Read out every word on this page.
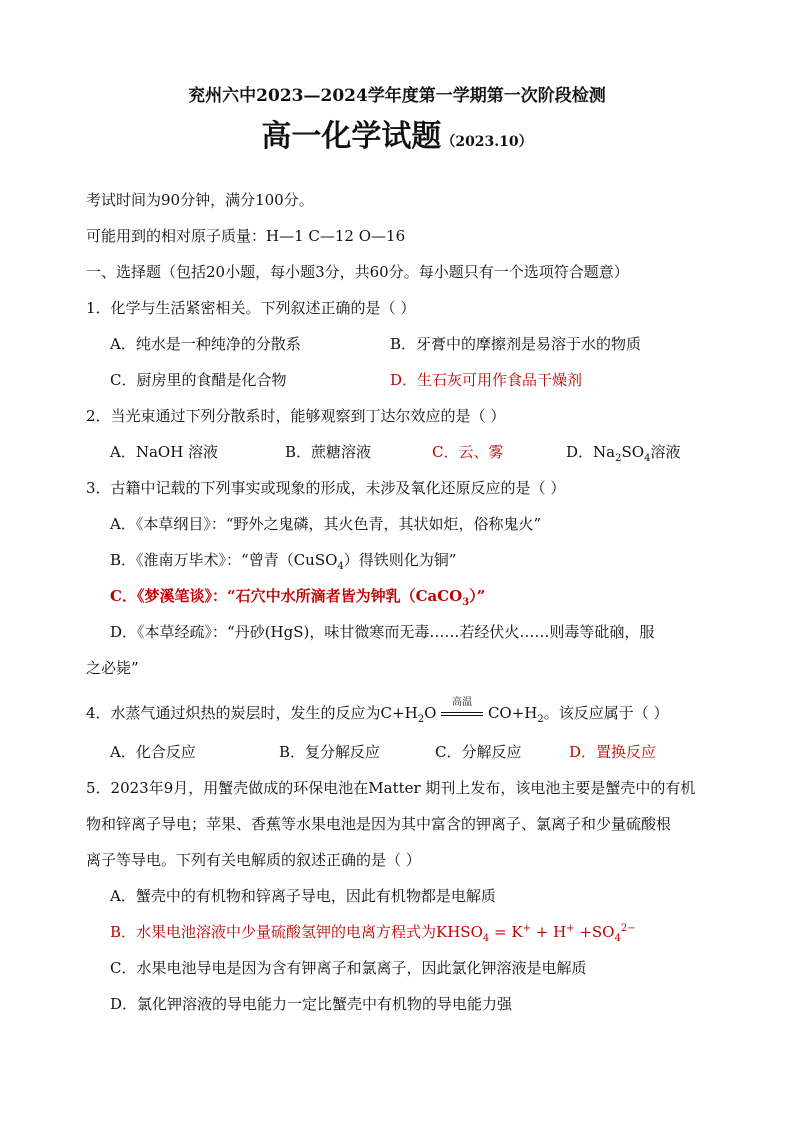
兖州六中2023—2024学年度第一学期第一次阶段检测
高一化学试题（2023.10）
考试时间为90分钟，满分100分。
可能用到的相对原子质量：H—1 C—12 O—16
一、选择题（包括20小题，每小题3分，共60分。每小题只有一个选项符合题意）
1．化学与生活紧密相关。下列叙述正确的是（ ）
A．纯水是一种纯净的分散系	B．牙膏中的摩擦剂是易溶于水的物质
C．厨房里的食醋是化合物	D．生石灰可用作食品干燥剂
2．当光束通过下列分散系时，能够观察到丁达尔效应的是（ ）
A．NaOH 溶液	B．蔗糖溶液	C．云、雾	D．$Na_2SO_4$溶液
3．古籍中记载的下列事实或现象的形成，未涉及氧化还原反应的是（ ）
A．《本草纲目》：“野外之鬼磷，其火色青，其状如炬，俗称鬼火”
B．《淮南万毕术》：“曾青（CuSO$_4$）得铁则化为铜”
C．《梦溪笔谈》：“石穴中水所滴者皆为钟乳（CaCO$_3$）”
D．《本草经疏》：“丹砂(HgS)，味甘微寒而无毒……若经伏火……则毒等砒硇，服
之必毙”
4．水蒸气通过炽热的炭层时，发生的反应为$C+H_2O$
高温
$CO+H_2$。该反应属于（ ）
A．化合反应	B．复分解反应	C．分解反应	D．置换反应
5．2023年9月，用蟹壳做成的环保电池在Matter 期刊上发布，该电池主要是蟹壳中的有机
物和锌离子导电；苹果、香蕉等水果电池是因为其中富含的钾离子、氯离子和少量硫酸根
离子等导电。下列有关电解质的叙述正确的是（ ）
A．蟹壳中的有机物和锌离子导电，因此有机物都是电解质
B．水果电池溶液中少量硫酸氢钾的电离方程式为$KHSO_4 = K^+ + H^+ +SO_4^{2-}$
C．水果电池导电是因为含有钾离子和氯离子，因此氯化钾溶液是电解质
D．氯化钾溶液的导电能力一定比蟹壳中有机物的导电能力强
